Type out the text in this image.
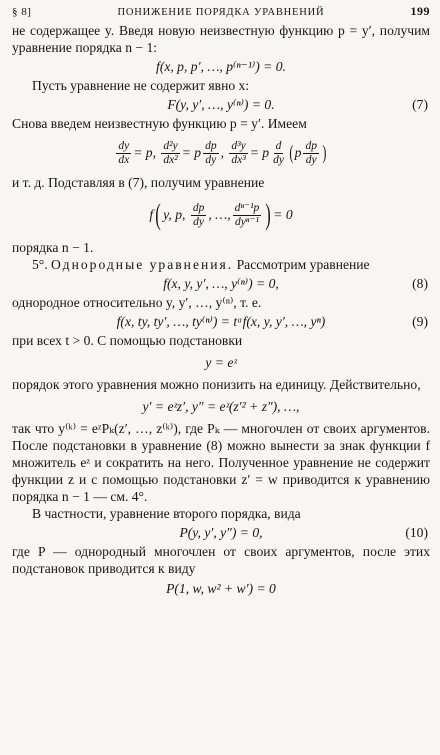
§ 8]	ПОНИЖЕНИЕ ПОРЯДКА УРАВНЕНИЙ	199

не содержащее y. Введя новую неизвестную функцию p = y′, получим уравнение порядка n − 1:

f(x, p, p′, …, p⁽ⁿ⁻¹⁾) = 0.

Пусть уравнение не содержит явно x:

F(y, y′, …, y⁽ⁿ⁾) = 0.	(7)

Снова введем неизвестную функцию p = y′. Имеем

$\frac{dy}{dx} = p$,
$\frac{\text{d²y}}{\text{dx²}} = p \frac{dp}{dy}$ ,
$\frac{\text{d³y}}{\text{dx³}} = p \frac{d}{dy}$ ( p $\frac{dp}{dy}$ )

и т. д. Подставляя в (7), получим уравнение

f ( y, p,
$\frac{dp}{dy}$ , …, $\frac{\text{dⁿ⁻¹p}}{\text{dyⁿ⁻¹}}$ ) = 0

порядка n − 1.

5°. Однородные уравнения. Рассмотрим уравнение

f(x, y, y′, …, y⁽ⁿ⁾) = 0,	(8)

однородное относительно y, y′, …, y⁽ⁿ⁾, т. е.

f(x, ty, ty′, …, ty⁽ⁿ⁾) = tᵅf(x, y, y′, …, yⁿ)	(9)

при всех t > 0. С помощью подстановки

y = eᶻ

порядок этого уравнения можно понизить на единицу. Действительно,

y′ = eᶻz′, y″ = eᶻ(z′² + z″), …,

так что y⁽ᵏ⁾ = eᶻPₖ(z′, …, z⁽ᵏ⁾), где Pₖ — многочлен от своих аргументов. После подстановки в уравнение (8) можно вынести за знак функции f множитель eᶻ и сократить на него. Полученное уравнение не содержит функции z и с помощью подстановки z′ = w приводится к уравнению порядка n − 1 — см. 4°.

В частности, уравнение второго порядка, вида

P(y, y′, y″) = 0,	(10)

где P — однородный многочлен от своих аргументов, после этих подстановок приводится к виду

P(1, w, w² + w′) = 0
